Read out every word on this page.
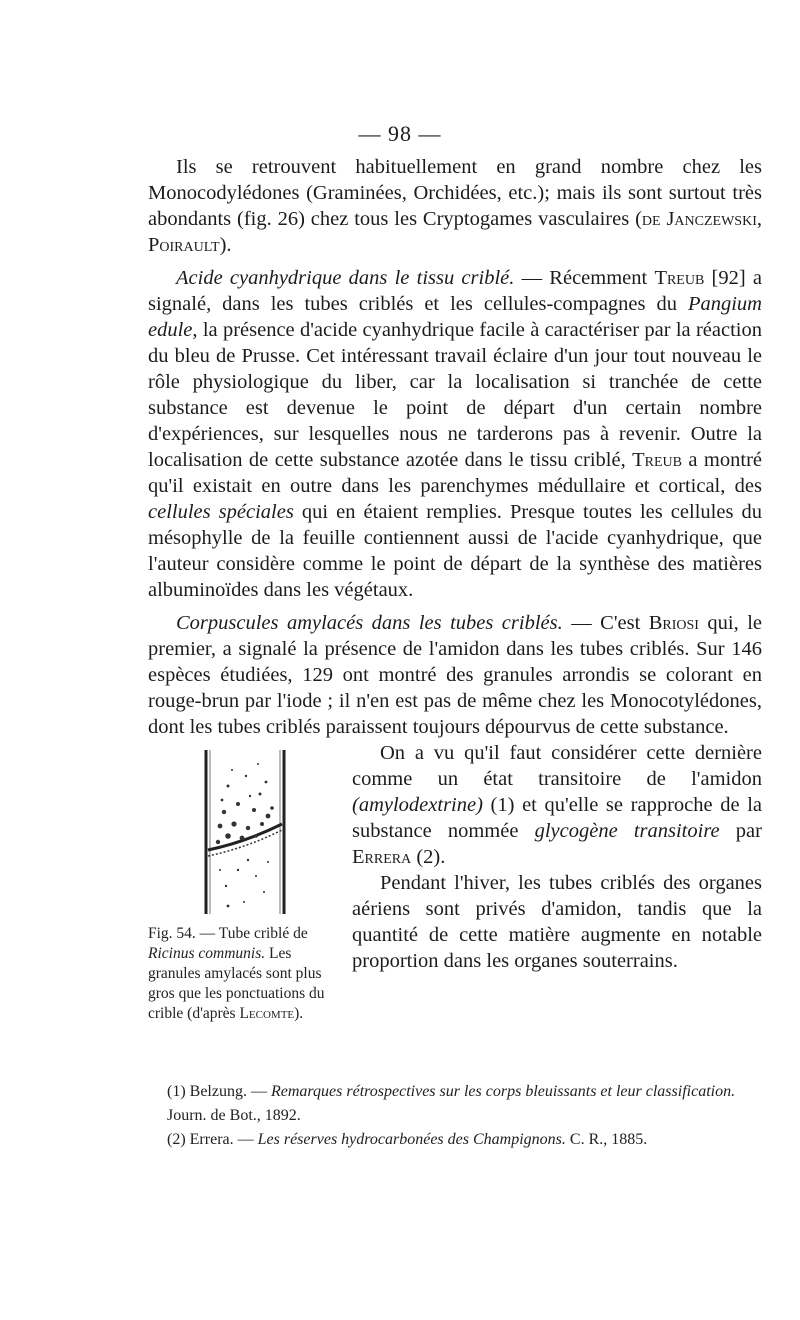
— 98 —

Ils se retrouvent habituellement en grand nombre chez les Monocodylédones (Graminées, Orchidées, etc.); mais ils sont surtout très abondants (fig. 26) chez tous les Cryptogames vasculaires (de Janczewski, Poirault).

Acide cyanhydrique dans le tissu criblé. — Récemment Treub [92] a signalé, dans les tubes criblés et les cellules-compagnes du Pangium edule, la présence d'acide cyanhydrique facile à caractériser par la réaction du bleu de Prusse. Cet intéressant travail éclaire d'un jour tout nouveau le rôle physiologique du liber, car la localisation si tranchée de cette substance est devenue le point de départ d'un certain nombre d'expériences, sur lesquelles nous ne tarderons pas à revenir. Outre la localisation de cette substance azotée dans le tissu criblé, Treub a montré qu'il existait en outre dans les parenchymes médullaire et cortical, des cellules spéciales qui en étaient remplies. Presque toutes les cellules du mésophylle de la feuille contiennent aussi de l'acide cyanhydrique, que l'auteur considère comme le point de départ de la synthèse des matières albuminoïdes dans les végétaux.

Corpuscules amylacés dans les tubes criblés. — C'est Briosi qui, le premier, a signalé la présence de l'amidon dans les tubes criblés. Sur 146 espèces étudiées, 129 ont montré des granules arrondis se colorant en rouge-brun par l'iode ; il n'en est pas de même chez les Monocotylédones, dont les tubes criblés paraissent toujours dépourvus de cette substance.

Fig. 54. — Tube criblé de Ricinus communis. Les granules amylacés sont plus gros que les ponctuations du crible (d'après Lecomte).

On a vu qu'il faut considérer cette dernière comme un état transitoire de l'amidon (amylodextrine) (1) et qu'elle se rapproche de la substance nommée glycogène transitoire par Errera (2).

Pendant l'hiver, les tubes criblés des organes aériens sont privés d'amidon, tandis que la quantité de cette matière augmente en notable proportion dans les organes souterrains.

(1) Belzung. — Remarques rétrospectives sur les corps bleuissants et leur classification. Journ. de Bot., 1892.

(2) Errera. — Les réserves hydrocarbonées des Champignons. C. R., 1885.
